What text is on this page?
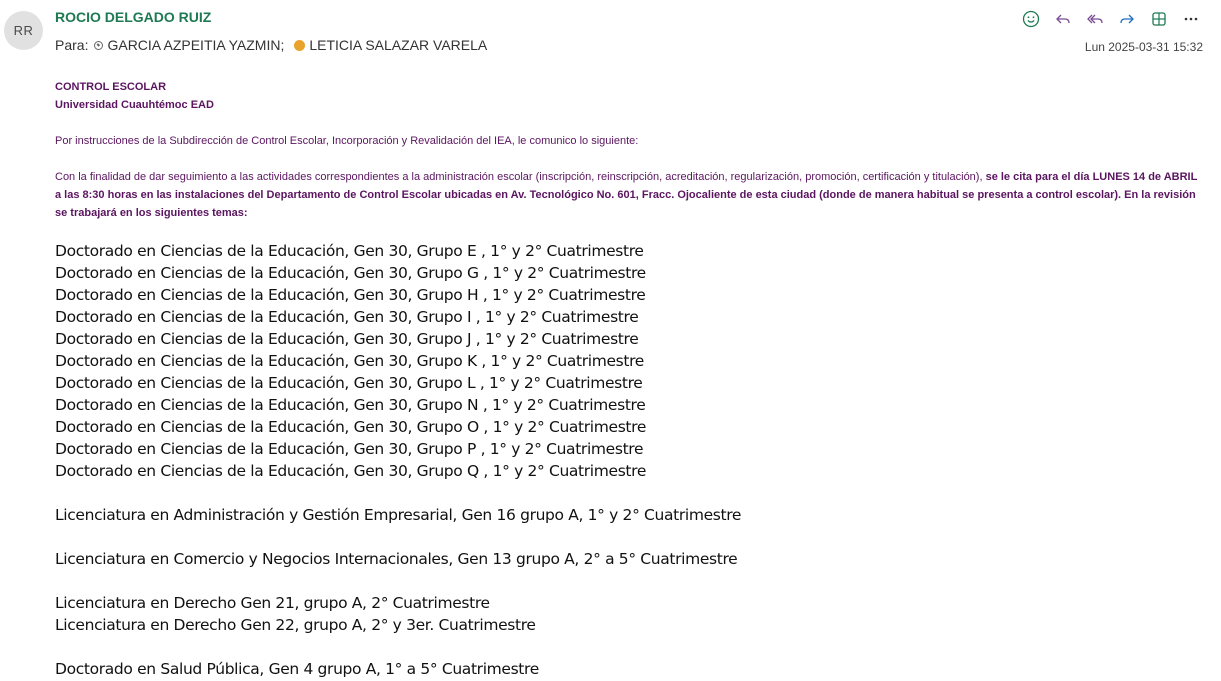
RR
ROCIO DELGADO RUIZ
Para: GARCIA AZPEITIA YAZMIN; LETICIA SALAZAR VARELA	Lun 2025-03-31 15:32
CONTROL ESCOLAR
Universidad Cuauhtémoc EAD
Por instrucciones de la Subdirección de Control Escolar, Incorporación y Revalidación del IEA, le comunico lo siguiente:
Con la finalidad de dar seguimiento a las actividades correspondientes a la administración escolar (inscripción, reinscripción, acreditación, regularización, promoción, certificación y titulación), se le cita para el día LUNES 14 de ABRIL a las 8:30 horas en las instalaciones del Departamento de Control Escolar ubicadas en Av. Tecnológico No. 601, Fracc. Ojocaliente de esta ciudad (donde de manera habitual se presenta a control escolar). En la revisión se trabajará en los siguientes temas:
Doctorado en Ciencias de la Educación, Gen 30, Grupo E , 1° y 2° Cuatrimestre
Doctorado en Ciencias de la Educación, Gen 30, Grupo G , 1° y 2° Cuatrimestre
Doctorado en Ciencias de la Educación, Gen 30, Grupo H , 1° y 2° Cuatrimestre
Doctorado en Ciencias de la Educación, Gen 30, Grupo I , 1° y 2° Cuatrimestre
Doctorado en Ciencias de la Educación, Gen 30, Grupo J , 1° y 2° Cuatrimestre
Doctorado en Ciencias de la Educación, Gen 30, Grupo K , 1° y 2° Cuatrimestre
Doctorado en Ciencias de la Educación, Gen 30, Grupo L , 1° y 2° Cuatrimestre
Doctorado en Ciencias de la Educación, Gen 30, Grupo N , 1° y 2° Cuatrimestre
Doctorado en Ciencias de la Educación, Gen 30, Grupo O , 1° y 2° Cuatrimestre
Doctorado en Ciencias de la Educación, Gen 30, Grupo P , 1° y 2° Cuatrimestre
Doctorado en Ciencias de la Educación, Gen 30, Grupo Q , 1° y 2° Cuatrimestre
Licenciatura en Administración y Gestión Empresarial, Gen 16 grupo A, 1° y 2° Cuatrimestre
Licenciatura en Comercio y Negocios Internacionales, Gen 13 grupo A, 2° a 5° Cuatrimestre
Licenciatura en Derecho Gen 21, grupo A, 2° Cuatrimestre
Licenciatura en Derecho Gen 22, grupo A, 2° y 3er. Cuatrimestre
Doctorado en Salud Pública, Gen 4 grupo A, 1° a 5° Cuatrimestre
